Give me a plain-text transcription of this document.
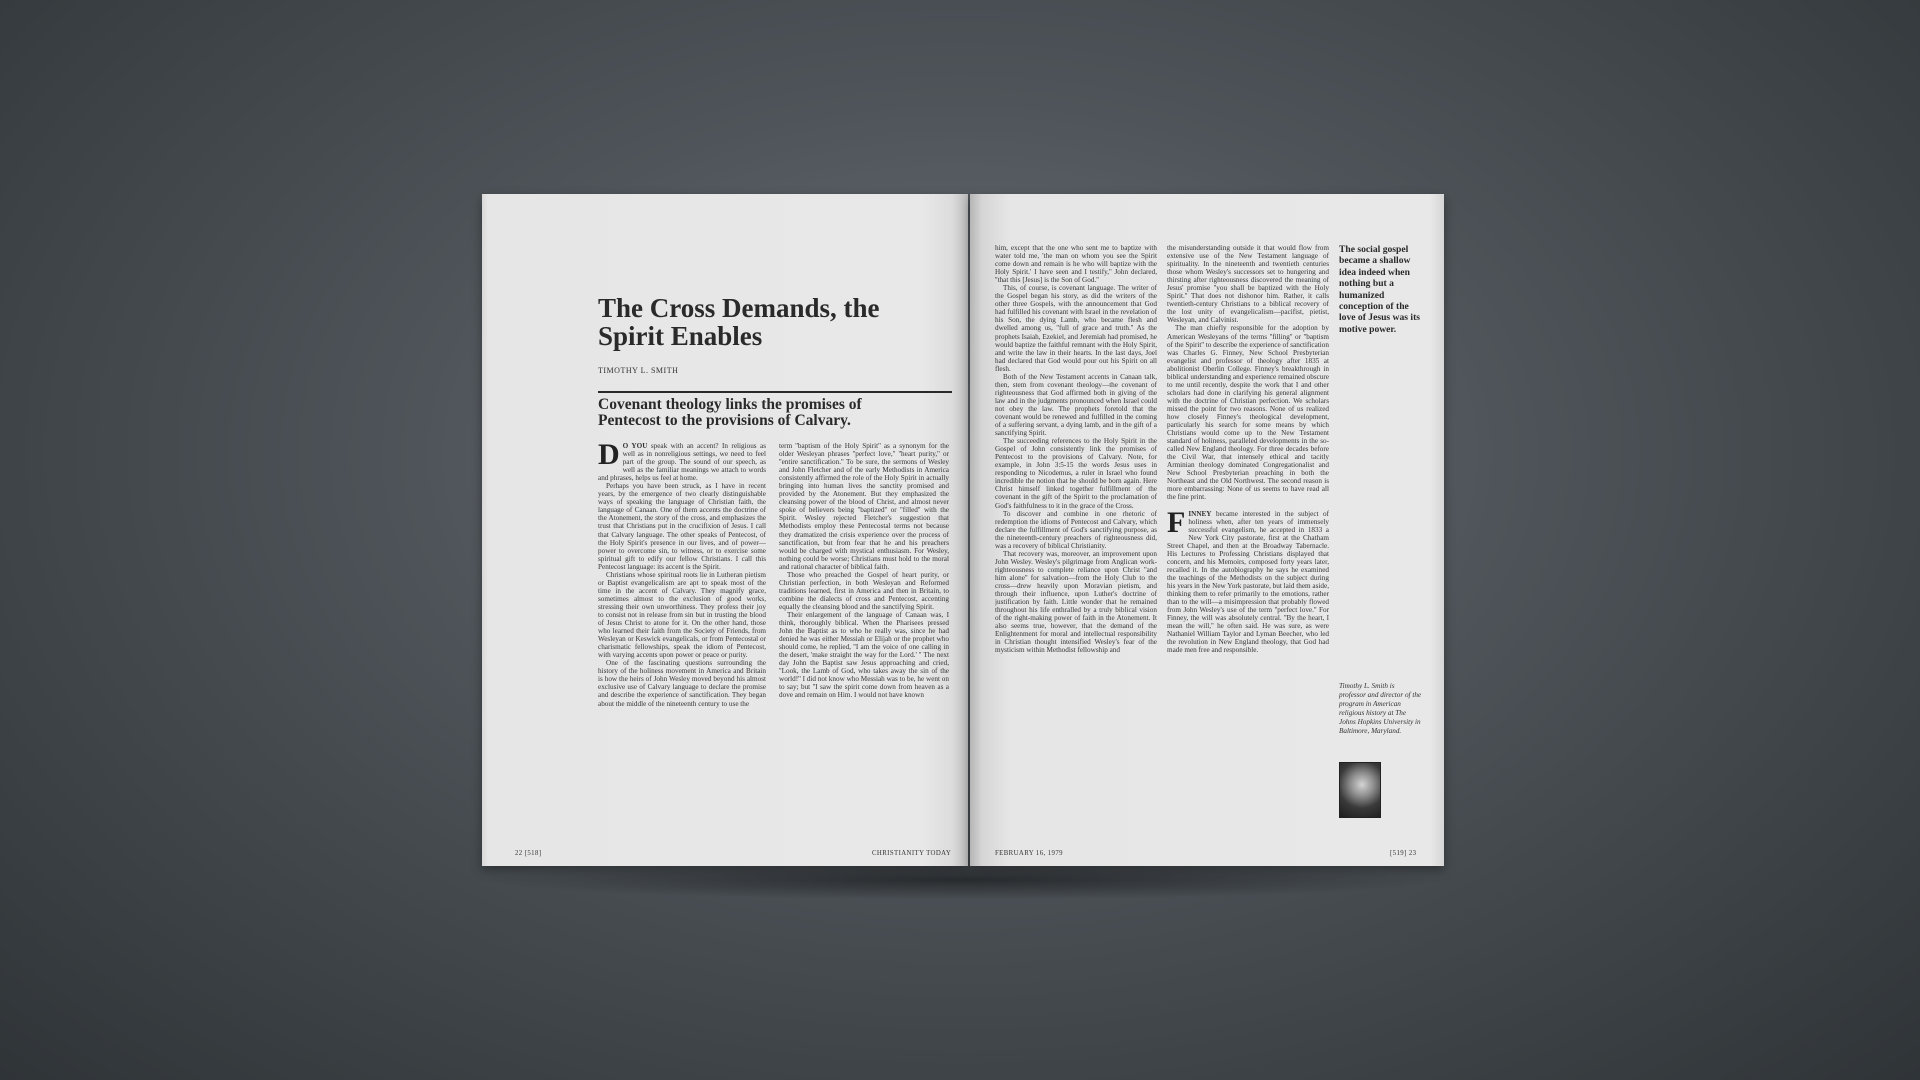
The Cross Demands, the Spirit Enables
TIMOTHY L. SMITH
Covenant theology links the promises of Pentecost to the provisions of Calvary.

D O YOU speak with an accent? In religious as well as in nonreligious settings, we need to feel part of the group. The sound of our speech, as well as the familiar meanings we attach to words and phrases, helps us feel at home.

Perhaps you have been struck, as I have in recent years, by the emergence of two clearly distinguishable ways of speaking the language of Christian faith, the language of Canaan. One of them accents the doctrine of the Atonement, the story of the cross, and emphasizes the trust that Christians put in the crucifixion of Jesus. I call that Calvary language. The other speaks of Pentecost, of the Holy Spirit's presence in our lives, and of power—power to overcome sin, to witness, or to exercise some spiritual gift to edify our fellow Christians. I call this Pentecost language: its accent is the Spirit.

Christians whose spiritual roots lie in Lutheran pietism or Baptist evangelicalism are apt to speak most of the time in the accent of Calvary. They magnify grace, sometimes almost to the exclusion of good works, stressing their own unworthiness. They profess their joy to consist not in release from sin but in trusting the blood of Jesus Christ to atone for it. On the other hand, those who learned their faith from the Society of Friends, from Wesleyan or Keswick evangelicals, or from Pentecostal or charismatic fellowships, speak the idiom of Pentecost, with varying accents upon power or peace or purity.

One of the fascinating questions surrounding the history of the holiness movement in America and Britain is how the heirs of John Wesley moved beyond his almost exclusive use of Calvary language to declare the promise and describe the experience of sanctification. They began about the middle of the nineteenth century to use the

term ''baptism of the Holy Spirit'' as a synonym for the older Wesleyan phrases ''perfect love,'' ''heart purity,'' or ''entire sanctification.'' To be sure, the sermons of Wesley and John Fletcher and of the early Methodists in America consistently affirmed the role of the Holy Spirit in actually bringing into human lives the sanctity promised and provided by the Atonement. But they emphasized the cleansing power of the blood of Christ, and almost never spoke of believers being ''baptized'' or ''filled'' with the Spirit. Wesley rejected Fletcher's suggestion that Methodists employ these Pentecostal terms not because they dramatized the crisis experience over the process of sanctification, but from fear that he and his preachers would be charged with mystical enthusiasm. For Wesley, nothing could be worse; Christians must hold to the moral and rational character of biblical faith.

Those who preached the Gospel of heart purity, or Christian perfection, in both Wesleyan and Reformed traditions learned, first in America and then in Britain, to combine the dialects of cross and Pentecost, accenting equally the cleansing blood and the sanctifying Spirit.

Their enlargement of the language of Canaan was, I think, thoroughly biblical. When the Pharisees pressed John the Baptist as to who he really was, since he had denied he was either Messiah or Elijah or the prophet who should come, he replied, ''I am the voice of one calling in the desert, 'make straight the way for the Lord.' '' The next day John the Baptist saw Jesus approaching and cried, ''Look, the Lamb of God, who takes away the sin of the world!'' I did not know who Messiah was to be, he went on to say; but ''I saw the spirit come down from heaven as a dove and remain on Him. I would not have known

22 [518]	CHRISTIANITY TODAY

him, except that the one who sent me to baptize with water told me, 'the man on whom you see the Spirit come down and remain is he who will baptize with the Holy Spirit.' I have seen and I testify,'' John declared, ''that this [Jesus] is the Son of God.''

This, of course, is covenant language. The writer of the Gospel began his story, as did the writers of the other three Gospels, with the announcement that God had fulfilled his covenant with Israel in the revelation of his Son, the dying Lamb, who became flesh and dwelled among us, ''full of grace and truth.'' As the prophets Isaiah, Ezekiel, and Jeremiah had promised, he would baptize the faithful remnant with the Holy Spirit, and write the law in their hearts. In the last days, Joel had declared that God would pour out his Spirit on all flesh.

Both of the New Testament accents in Canaan talk, then, stem from covenant theology—the covenant of righteousness that God affirmed both in giving of the law and in the judgments pronounced when Israel could not obey the law. The prophets foretold that the covenant would be renewed and fulfilled in the coming of a suffering servant, a dying lamb, and in the gift of a sanctifying Spirit.

The succeeding references to the Holy Spirit in the Gospel of John consistently link the promises of Pentecost to the provisions of Calvary. Note, for example, in John 3:5-15 the words Jesus uses in responding to Nicodemus, a ruler in Israel who found incredible the notion that he should be born again. Here Christ himself linked together fulfillment of the covenant in the gift of the Spirit to the proclamation of God's faithfulness to it in the grace of the Cross.

To discover and combine in one rhetoric of redemption the idioms of Pentecost and Calvary, which declare the fulfillment of God's sanctifying purpose, as the nineteenth-century preachers of righteousness did, was a recovery of biblical Christianity.

That recovery was, moreover, an improvement upon John Wesley. Wesley's pilgrimage from Anglican work-righteousness to complete reliance upon Christ ''and him alone'' for salvation—from the Holy Club to the cross—drew heavily upon Moravian pietism, and through their influence, upon Luther's doctrine of justification by faith. Little wonder that he remained throughout his life enthralled by a truly biblical vision of the right-making power of faith in the Atonement. It also seems true, however, that the demand of the Enlightenment for moral and intellectual responsibility in Christian thought intensified Wesley's fear of the mysticism within Methodist fellowship and

the misunderstanding outside it that would flow from extensive use of the New Testament language of spirituality. In the nineteenth and twentieth centuries those whom Wesley's successors set to hungering and thirsting after righteousness discovered the meaning of Jesus' promise ''you shall be baptized with the Holy Spirit.'' That does not dishonor him. Rather, it calls twentieth-century Christians to a biblical recovery of the lost unity of evangelicalism—pacifist, pietist, Wesleyan, and Calvinist.

The man chiefly responsible for the adoption by American Wesleyans of the terms ''filling'' or ''baptism of the Spirit'' to describe the experience of sanctification was Charles G. Finney, New School Presbyterian evangelist and professor of theology after 1835 at abolitionist Oberlin College. Finney's breakthrough in biblical understanding and experience remained obscure to me until recently, despite the work that I and other scholars had done in clarifying his general alignment with the doctrine of Christian perfection. We scholars missed the point for two reasons. None of us realized how closely Finney's theological development, particularly his search for some means by which Christians would come up to the New Testament standard of holiness, paralleled developments in the so-called New England theology. For three decades before the Civil War, that intensely ethical and tacitly Arminian theology dominated Congregationalist and New School Presbyterian preaching in both the Northeast and the Old Northwest. The second reason is more embarrassing: None of us seems to have read all the fine print.

FINNEY became interested in the subject of holiness when, after ten years of immensely successful evangelism, he accepted in 1833 a New York City pastorate, first at the Chatham Street Chapel, and then at the Broadway Tabernacle. His Lectures to Professing Christians displayed that concern, and his Memoirs, composed forty years later, recalled it. In the autobiography he says he examined the teachings of the Methodists on the subject during his years in the New York pastorate, but laid them aside, thinking them to refer primarily to the emotions, rather than to the will—a misimpression that probably flowed from John Wesley's use of the term ''perfect love.'' For Finney, the will was absolutely central. ''By the heart, I mean the will,'' he often said. He was sure, as were Nathaniel William Taylor and Lyman Beecher, who led the revolution in New England theology, that God had made men free and responsible.

The social gospel became a shallow idea indeed when nothing but a humanized conception of the love of Jesus was its motive power.
Timothy L. Smith is professor and director of the program in American religious history at The Johns Hopkins University in Baltimore, Maryland.
FEBRUARY 16, 1979	[519] 23
